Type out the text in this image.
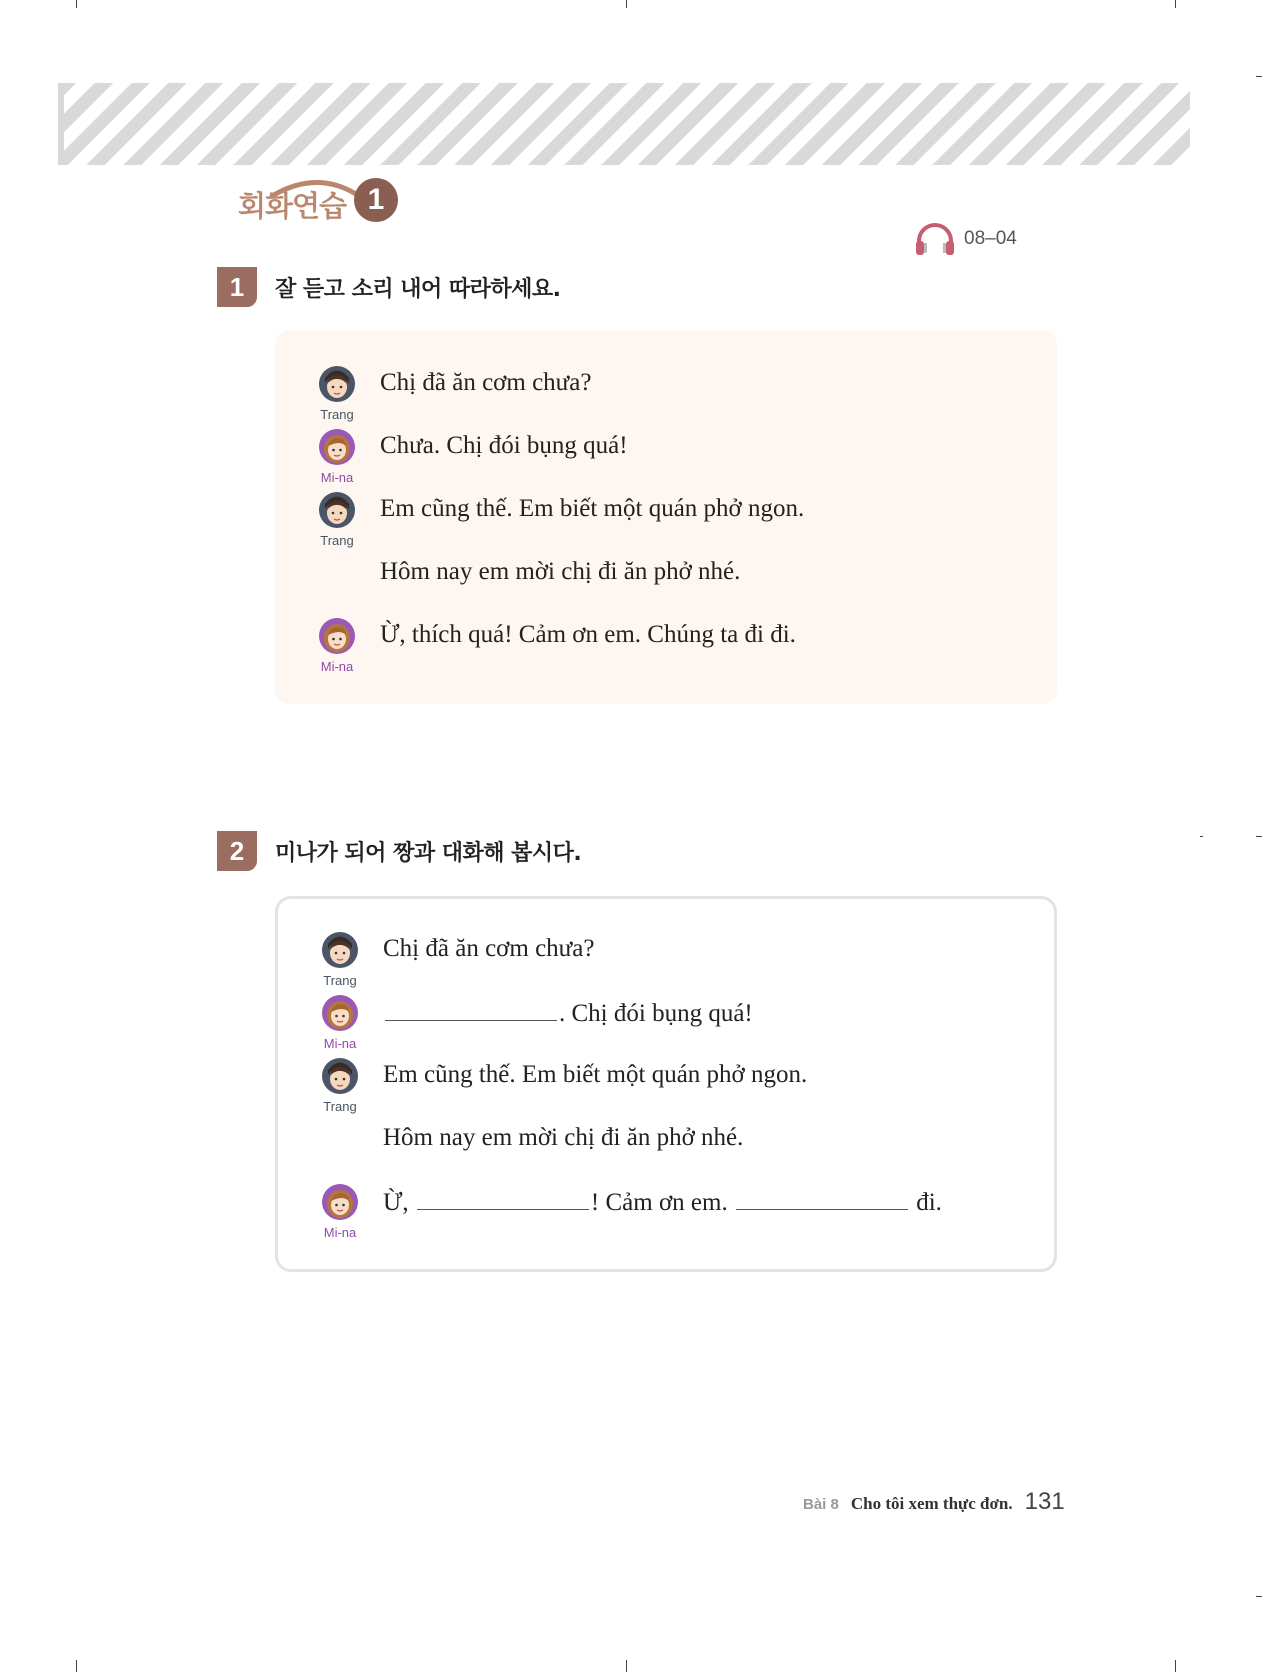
회화연습 1
08–04
1	잘 듣고 소리 내어 따라하세요.
Trang
Chị đã ăn cơm chưa?
Mi-na
Chưa. Chị đói bụng quá!
Trang
Em cũng thế. Em biết một quán phở ngon.
Hôm nay em mời chị đi ăn phở nhé.
Mi-na
Ừ, thích quá! Cảm ơn em. Chúng ta đi đi.
2	미나가 되어 짱과 대화해 봅시다.
Trang
Chị đã ăn cơm chưa?
Mi-na
. Chị đói bụng quá!
Trang
Em cũng thế. Em biết một quán phở ngon.
Hôm nay em mời chị đi ăn phở nhé.
Mi-na
Ừ,	! Cảm ơn em.	đi.
Bài 8 Cho tôi xem thực đơn. 131
